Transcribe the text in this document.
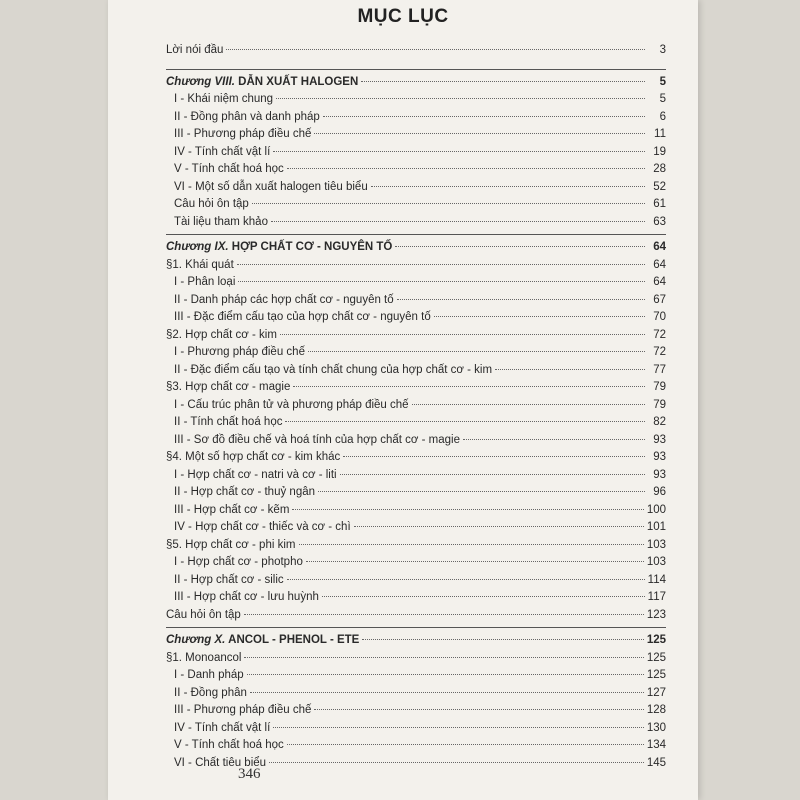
MỤC LỤC
Lời nói đầu	3
Chương VIII. DẪN XUẤT HALOGEN	5
I - Khái niệm chung	5
II - Đồng phân và danh pháp	6
III - Phương pháp điều chế	11
IV - Tính chất vật lí	19
V - Tính chất hoá học	28
VI - Một số dẫn xuất halogen tiêu biểu	52
Câu hỏi ôn tập	61
Tài liệu tham khảo	63
Chương IX. HỢP CHẤT CƠ - NGUYÊN TỐ	64
§1. Khái quát	64
I - Phân loại	64
II - Danh pháp các hợp chất cơ - nguyên tố	67
III - Đặc điểm cấu tạo của hợp chất cơ - nguyên tố	70
§2. Hợp chất cơ - kim	72
I - Phương pháp điều chế	72
II - Đặc điểm cấu tạo và tính chất chung của hợp chất cơ - kim	77
§3. Hợp chất cơ - magie	79
I - Cấu trúc phân tử và phương pháp điều chế	79
II - Tính chất hoá học	82
III - Sơ đồ điều chế và hoá tính của hợp chất cơ - magie	93
§4. Một số hợp chất cơ - kim khác	93
I - Hợp chất cơ - natri và cơ - liti	93
II - Hợp chất cơ - thuỷ ngân	96
III - Hợp chất cơ - kẽm	100
IV - Hợp chất cơ - thiếc và cơ - chì	101
§5. Hợp chất cơ - phi kim	103
I - Hợp chất cơ - photpho	103
II - Hợp chất cơ - silic	114
III - Hợp chất cơ - lưu huỳnh	117
Câu hỏi ôn tập	123
Chương X. ANCOL - PHENOL - ETE	125
§1. Monoancol	125
I - Danh pháp	125
II - Đồng phân	127
III - Phương pháp điều chế	128
IV - Tính chất vật lí	130
V - Tính chất hoá học	134
VI - Chất tiêu biểu	145
346
